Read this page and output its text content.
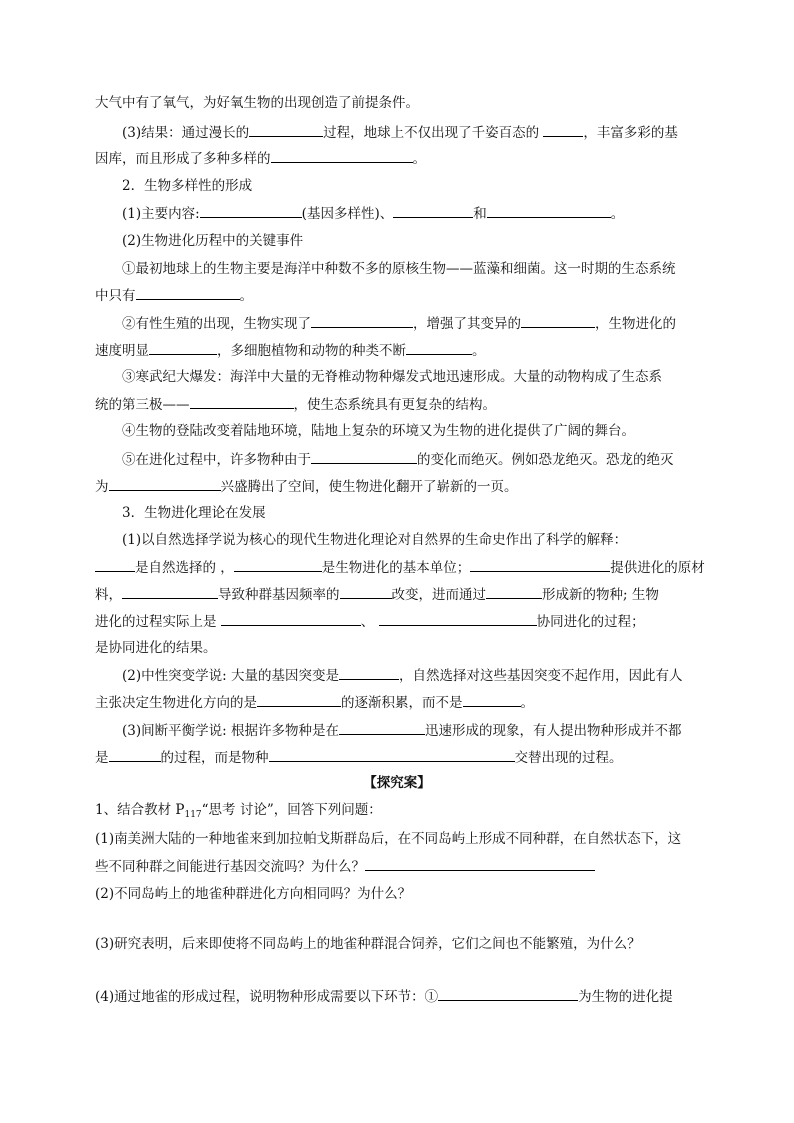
大气中有了氧气，为好氧生物的出现创造了前提条件。
(3)结果：通过漫长的	过程，地球上不仅出现了千姿百态的	，丰富多彩的基
因库，而且形成了多种多样的	。
2．生物多样性的形成
(1)主要内容:	(基因多样性)、	和	。
(2)生物进化历程中的关键事件
①最初地球上的生物主要是海洋中种数不多的原核生物——蓝藻和细菌。这一时期的生态系统
中只有	。
②有性生殖的出现，生物实现了	，增强了其变异的	，生物进化的
速度明显	，多细胞植物和动物的种类不断	。
③寒武纪大爆发：海洋中大量的无脊椎动物种爆发式地迅速形成。大量的动物构成了生态系
统的第三极——	，使生态系统具有更复杂的结构。
④生物的登陆改变着陆地环境，陆地上复杂的环境又为生物的进化提供了广阔的舞台。
⑤在进化过程中，许多物种由于	的变化而绝灭。例如恐龙绝灭。恐龙的绝灭
为	兴盛腾出了空间，使生物进化翻开了崭新的一页。
3．生物进化理论在发展
(1)以自然选择学说为核心的现代生物进化理论对自然界的生命史作出了科学的解释：
是自然选择的 ，	是生物进化的基本单位；	提供进化的原材
料，	导致种群基因频率的	改变，进而通过	形成新的物种; 生物
进化的过程实际上是	、	协同进化的过程；
是协同进化的结果。
(2)中性突变学说: 大量的基因突变是	，自然选择对这些基因突变不起作用，因此有人
主张决定生物进化方向的是	的逐渐积累，而不是	。
(3)间断平衡学说: 根据许多物种是在	迅速形成的现象，有人提出物种形成并不都
是	的过程，而是物种	交替出现的过程。
【探究案】
1、结合教材 $P_{117}“$思考 讨论”，回答下列问题：
(1)南美洲大陆的一种地雀来到加拉帕戈斯群岛后，在不同岛屿上形成不同种群，在自然状态下，这
些不同种群之间能进行基因交流吗？为什么？
(2)不同岛屿上的地雀种群进化方向相同吗？为什么？
(3)研究表明，后来即使将不同岛屿上的地雀种群混合饲养，它们之间也不能繁殖，为什么？
(4)通过地雀的形成过程，说明物种形成需要以下环节：①	为生物的进化提
